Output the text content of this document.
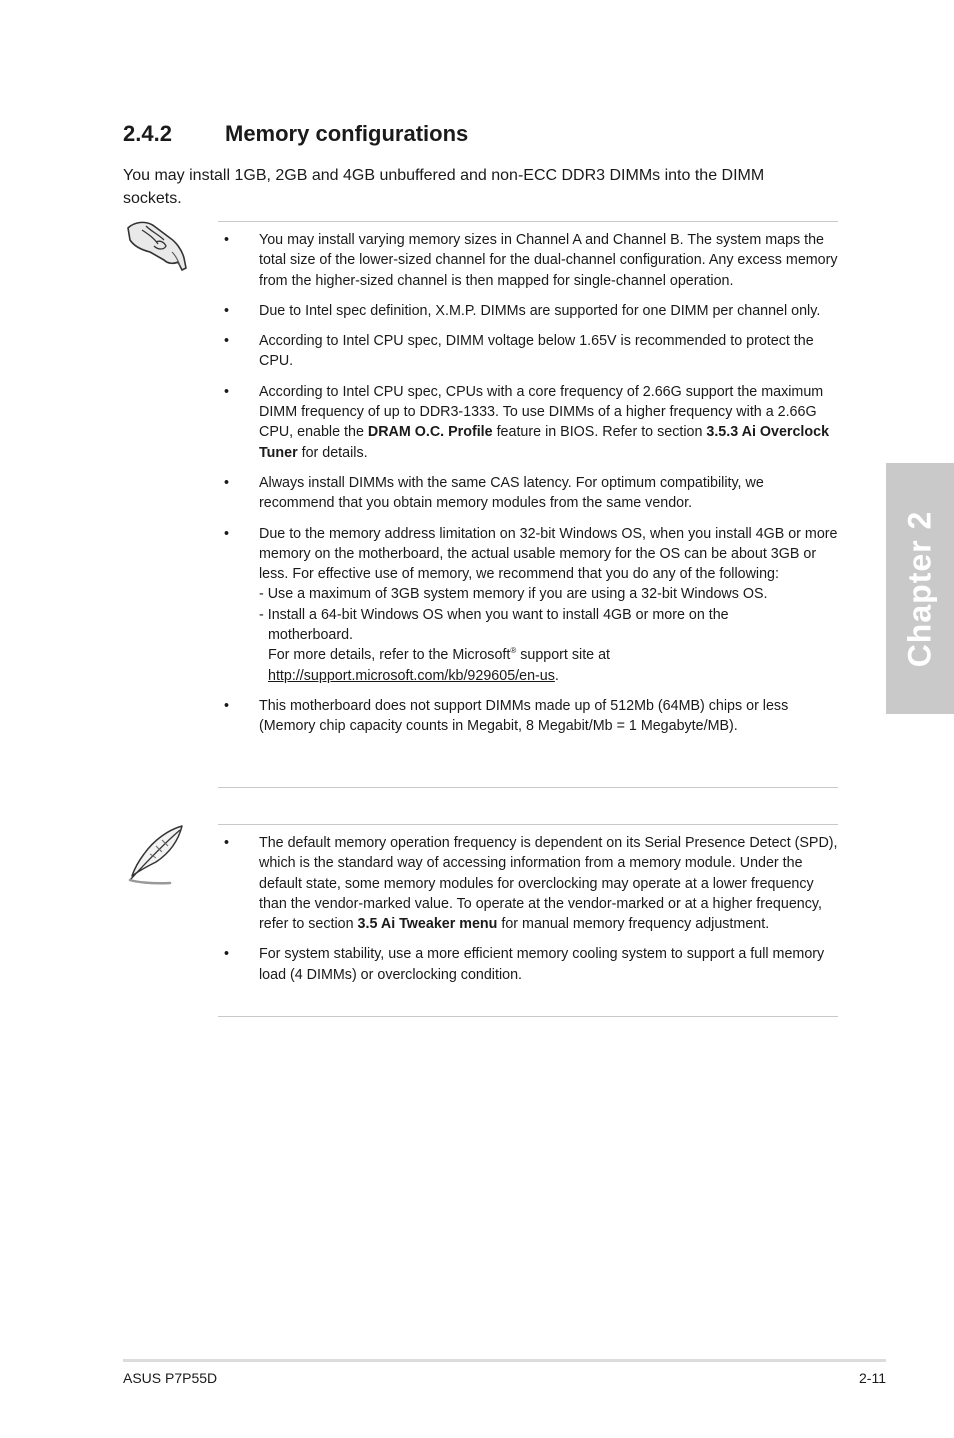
2.4.2 Memory configurations

You may install 1GB, 2GB and 4GB unbuffered and non-ECC DDR3 DIMMs into the DIMM sockets.

• You may install varying memory sizes in Channel A and Channel B. The system maps the total size of the lower-sized channel for the dual-channel configuration. Any excess memory from the higher-sized channel is then mapped for single-channel operation.
• Due to Intel spec definition, X.M.P. DIMMs are supported for one DIMM per channel only.
• According to Intel CPU spec, DIMM voltage below 1.65V is recommended to protect the CPU.
• According to Intel CPU spec, CPUs with a core frequency of 2.66G support the maximum DIMM frequency of up to DDR3-1333. To use DIMMs of a higher frequency with a 2.66G CPU, enable the DRAM O.C. Profile feature in BIOS. Refer to section 3.5.3 Ai Overclock Tuner for details.
• Always install DIMMs with the same CAS latency. For optimum compatibility, we recommend that you obtain memory modules from the same vendor.
• Due to the memory address limitation on 32-bit Windows OS, when you install 4GB or more memory on the motherboard, the actual usable memory for the OS can be about 3GB or less. For effective use of memory, we recommend that you do any of the following:
- Use a maximum of 3GB system memory if you are using a 32-bit Windows OS.
- Install a 64-bit Windows OS when you want to install 4GB or more on the
motherboard.
For more details, refer to the Microsoft® support site at
http://support.microsoft.com/kb/929605/en-us.
• This motherboard does not support DIMMs made up of 512Mb (64MB) chips or less (Memory chip capacity counts in Megabit, 8 Megabit/Mb = 1 Megabyte/MB).
• The default memory operation frequency is dependent on its Serial Presence Detect (SPD), which is the standard way of accessing information from a memory module. Under the default state, some memory modules for overclocking may operate at a lower frequency than the vendor-marked value. To operate at the vendor-marked or at a higher frequency, refer to section 3.5 Ai Tweaker menu for manual memory frequency adjustment.
• For system stability, use a more efficient memory cooling system to support a full memory load (4 DIMMs) or overclocking condition.
Chapter 2
ASUS P7P55D	2-11
